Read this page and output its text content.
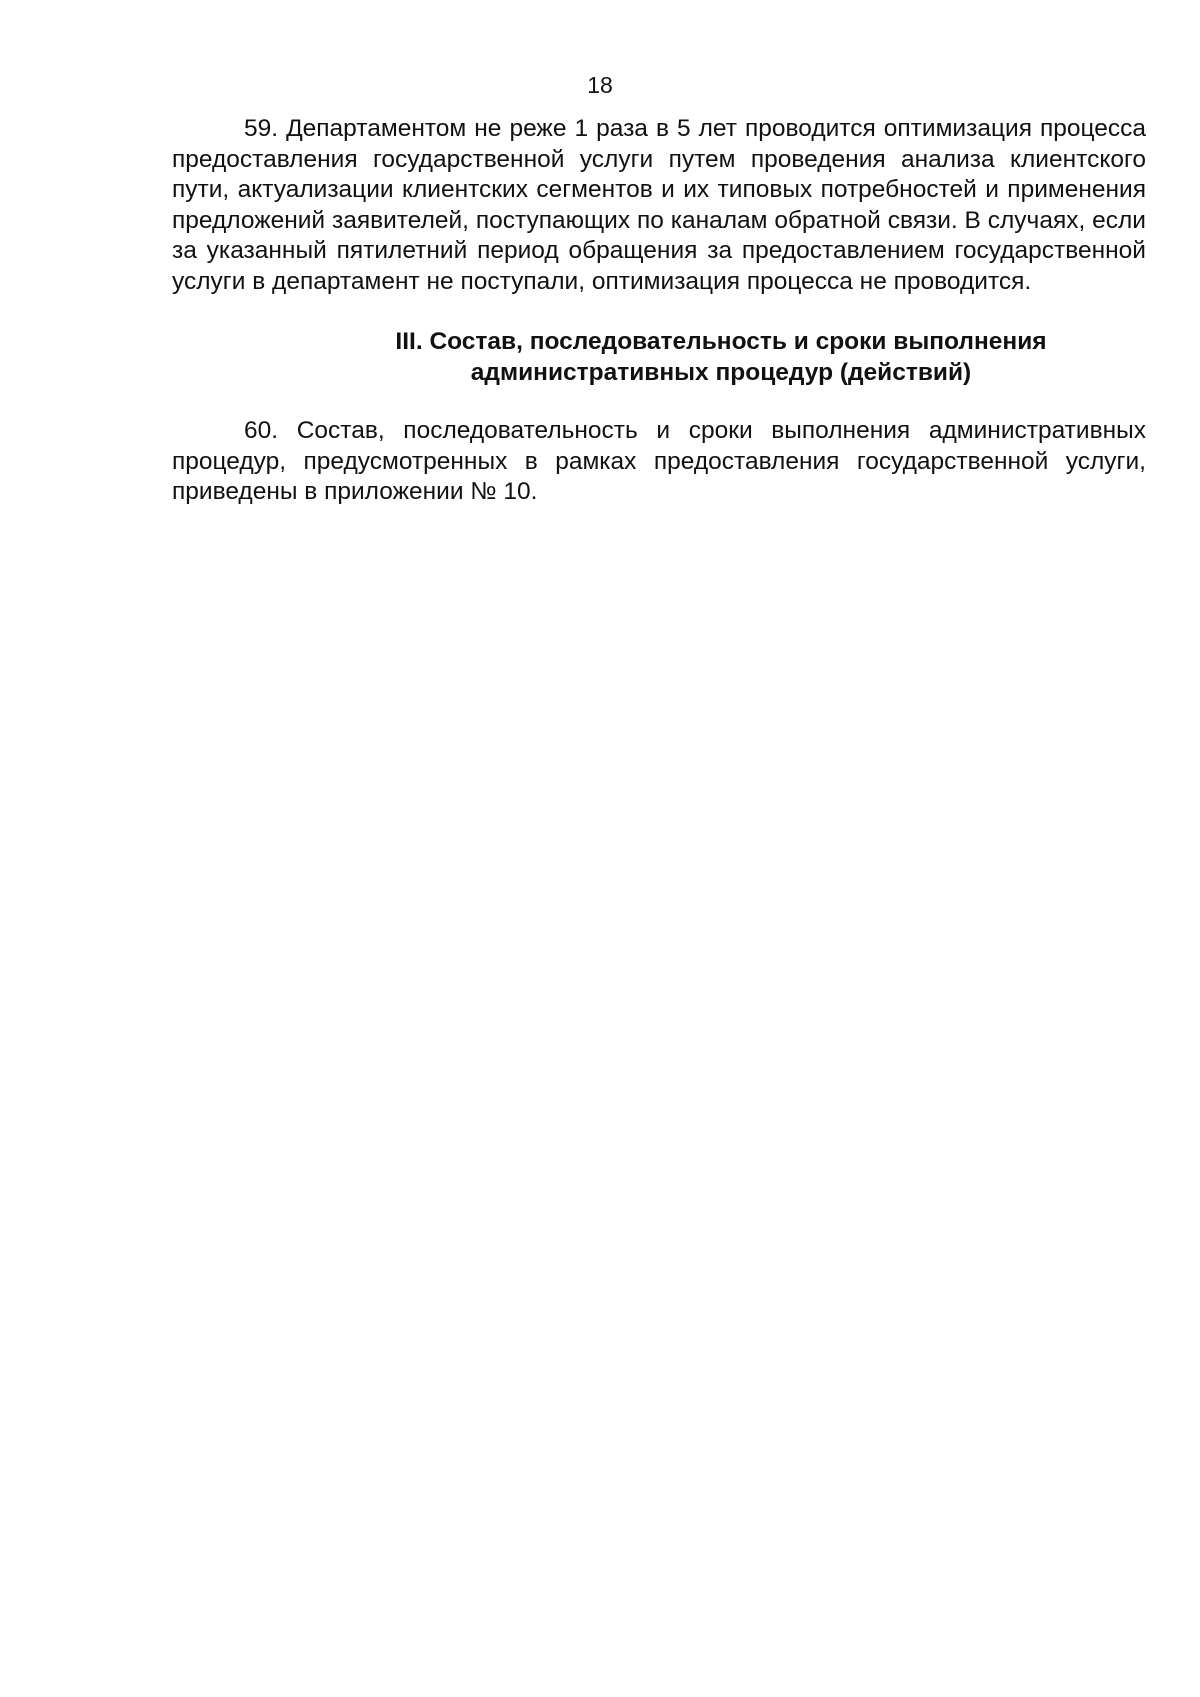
18

59. Департаментом не реже 1 раза в 5 лет проводится оптимизация процесса предоставления государственной услуги путем проведения анализа клиентского пути, актуализации клиентских сегментов и их типовых потребностей и применения предложений заявителей, поступающих по каналам обратной связи. В случаях, если за указанный пятилетний период обращения за предоставлением государственной услуги в департамент не поступали, оптимизация процесса не проводится.

III. Состав, последовательность и сроки выполнения
административных процедур (действий)

60. Состав, последовательность и сроки выполнения административных процедур, предусмотренных в рамках предоставления государственной услуги, приведены в приложении № 10.
